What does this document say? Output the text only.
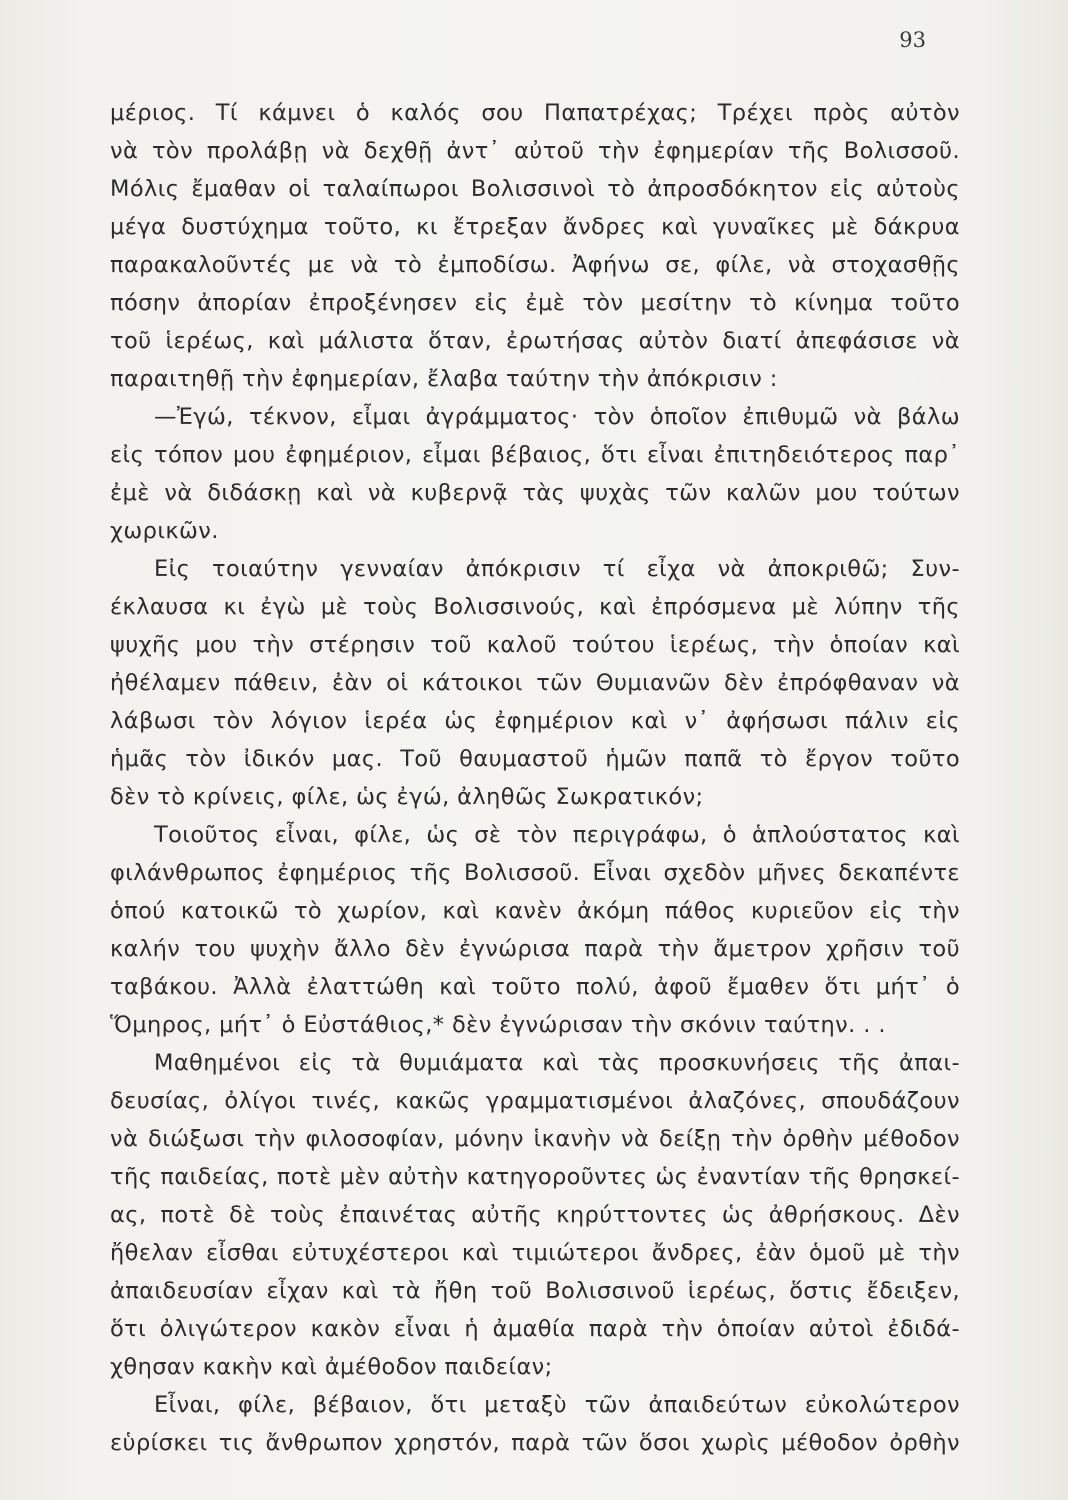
93
μέριος. Τί κάμνει ὁ καλός σου Παπατρέχας; Τρέχει πρὸς αὐτὸν
νὰ τὸν προλάβῃ νὰ δεχθῇ ἀντ᾽ αὐτοῦ τὴν ἐφημερίαν τῆς Βολισσοῦ.
Μόλις ἔμαθαν οἱ ταλαίπωροι Βολισσινοὶ τὸ ἀπροσδόκητον εἰς αὐτοὺς
μέγα δυστύχημα τοῦτο, κι ἔτρεξαν ἄνδρες καὶ γυναῖκες μὲ δάκρυα
παρακαλοῦντές με νὰ τὸ ἐμποδίσω. Ἀφήνω σε, φίλε, νὰ στοχασθῇς
πόσην ἀπορίαν ἐπροξένησεν εἰς ἐμὲ τὸν μεσίτην τὸ κίνημα τοῦτο
τοῦ ἱερέως, καὶ μάλιστα ὅταν, ἐρωτήσας αὐτὸν διατί ἀπεφάσισε νὰ
παραιτηθῇ τὴν ἐφημερίαν, ἔλαβα ταύτην τὴν ἀπόκρισιν :
—Ἐγώ, τέκνον, εἶμαι ἀγράμματος· τὸν ὁποῖον ἐπιθυμῶ νὰ βάλω
εἰς τόπον μου ἐφημέριον, εἶμαι βέβαιος, ὅτι εἶναι ἐπιτηδειότερος παρ᾽
ἐμὲ νὰ διδάσκῃ καὶ νὰ κυβερνᾷ τὰς ψυχὰς τῶν καλῶν μου τούτων
χωρικῶν.
Εἰς τοιαύτην γενναίαν ἀπόκρισιν τί εἶχα νὰ ἀποκριθῶ; Συν-
έκλαυσα κι ἐγὼ μὲ τοὺς Βολισσινούς, καὶ ἐπρόσμενα μὲ λύπην τῆς
ψυχῆς μου τὴν στέρησιν τοῦ καλοῦ τούτου ἱερέως, τὴν ὁποίαν καὶ
ἠθέλαμεν πάθειν, ἐὰν οἱ κάτοικοι τῶν Θυμιανῶν δὲν ἐπρόφθαναν νὰ
λάβωσι τὸν λόγιον ἱερέα ὡς ἐφημέριον καὶ ν᾽ ἀφήσωσι πάλιν εἰς
ἡμᾶς τὸν ἰδικόν μας. Τοῦ θαυμαστοῦ ἡμῶν παπᾶ τὸ ἔργον τοῦτο
δὲν τὸ κρίνεις, φίλε, ὡς ἐγώ, ἀληθῶς Σωκρατικόν;
Τοιοῦτος εἶναι, φίλε, ὡς σὲ τὸν περιγράφω, ὁ ἁπλούστατος καὶ
φιλάνθρωπος ἐφημέριος τῆς Βολισσοῦ. Εἶναι σχεδὸν μῆνες δεκαπέντε
ὁπού κατοικῶ τὸ χωρίον, καὶ κανὲν ἀκόμη πάθος κυριεῦον εἰς τὴν
καλήν του ψυχὴν ἄλλο δὲν ἐγνώρισα παρὰ τὴν ἄμετρον χρῆσιν τοῦ
ταβάκου. Ἀλλὰ ἐλαττώθη καὶ τοῦτο πολύ, ἀφοῦ ἔμαθεν ὅτι μήτ᾽ ὁ
Ὅμηρος, μήτ᾽ ὁ Εὐστάθιος,* δὲν ἐγνώρισαν τὴν σκόνιν ταύτην. . .
Μαθημένοι εἰς τὰ θυμιάματα καὶ τὰς προσκυνήσεις τῆς ἀπαι-
δευσίας, ὀλίγοι τινές, κακῶς γραμματισμένοι ἀλαζόνες, σπουδάζουν
νὰ διώξωσι τὴν φιλοσοφίαν, μόνην ἱκανὴν νὰ δείξῃ τὴν ὀρθὴν μέθοδον
τῆς παιδείας, ποτὲ μὲν αὐτὴν κατηγοροῦντες ὡς ἐναντίαν τῆς θρησκεί-
ας, ποτὲ δὲ τοὺς ἐπαινέτας αὐτῆς κηρύττοντες ὡς ἀθρήσκους. Δὲν
ἤθελαν εἶσθαι εὐτυχέστεροι καὶ τιμιώτεροι ἄνδρες, ἐὰν ὁμοῦ μὲ τὴν
ἀπαιδευσίαν εἶχαν καὶ τὰ ἤθη τοῦ Βολισσινοῦ ἱερέως, ὅστις ἔδειξεν,
ὅτι ὀλιγώτερον κακὸν εἶναι ἡ ἀμαθία παρὰ τὴν ὁποίαν αὐτοὶ ἐδιδά-
χθησαν κακὴν καὶ ἀμέθοδον παιδείαν;
Εἶναι, φίλε, βέβαιον, ὅτι μεταξὺ τῶν ἀπαιδεύτων εὐκολώτερον
εὑρίσκει τις ἄνθρωπον χρηστόν, παρὰ τῶν ὅσοι χωρὶς μέθοδον ὀρθὴν
